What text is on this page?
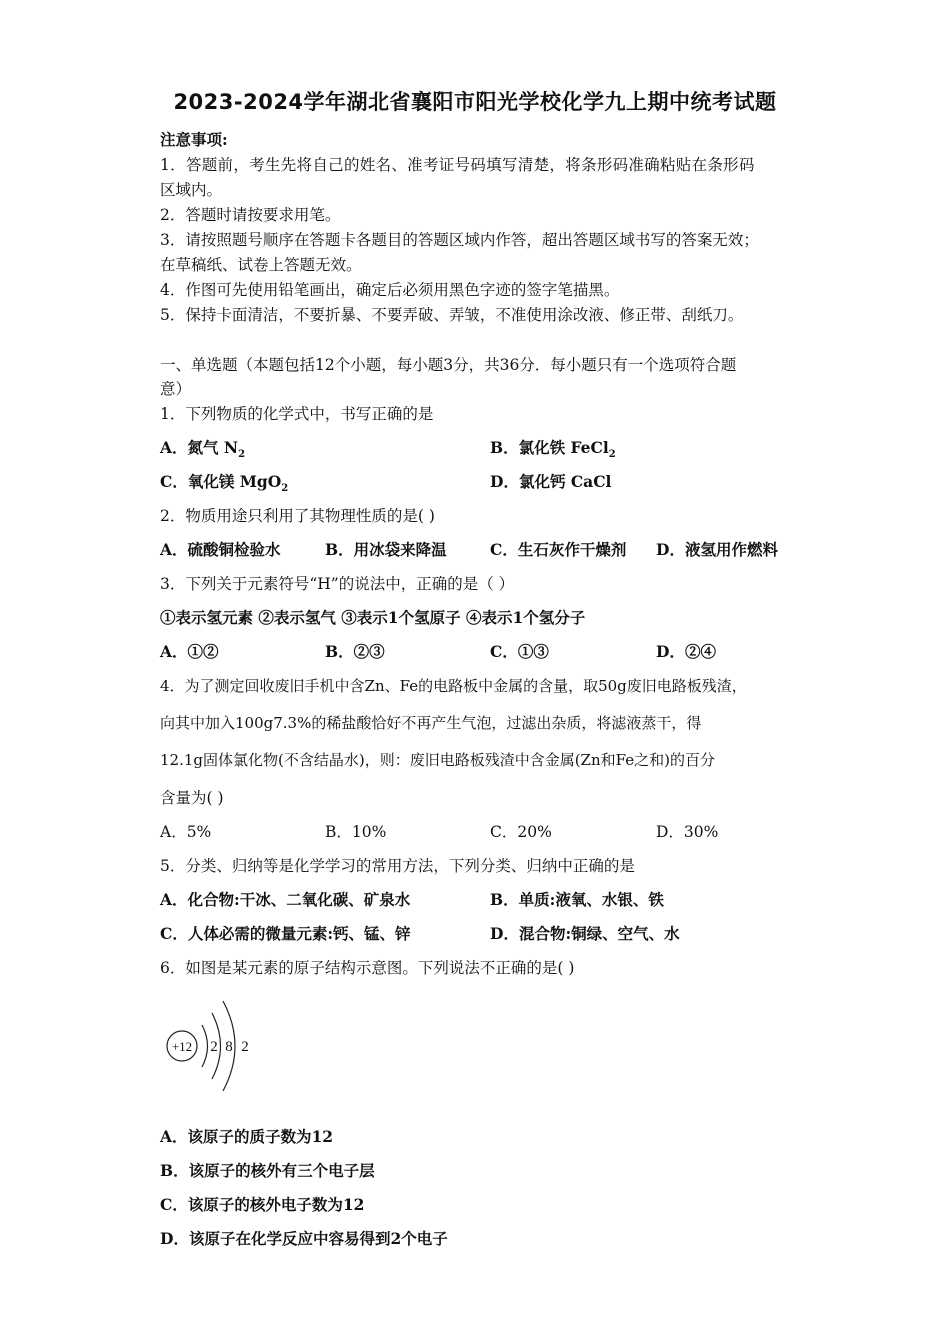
2023-2024学年湖北省襄阳市阳光学校化学九上期中统考试题
注意事项:
1．答题前，考生先将自己的姓名、准考证号码填写清楚，将条形码准确粘贴在条形码
区域内。
2．答题时请按要求用笔。
3．请按照题号顺序在答题卡各题目的答题区域内作答，超出答题区域书写的答案无效；
在草稿纸、试卷上答题无效。
4．作图可先使用铅笔画出，确定后必须用黑色字迹的签字笔描黑。
5．保持卡面清洁，不要折暴、不要弄破、弄皱，不准使用涂改液、修正带、刮纸刀。
一、单选题（本题包括12个小题，每小题3分，共36分．每小题只有一个选项符合题
意）
1．下列物质的化学式中，书写正确的是
A．氮气 $N_2$	B．氯化铁 FeCl$_2$
C．氧化镁 MgO$_2$	D．氯化钙 CaCl
2．物质用途只利用了其物理性质的是( )
A．硫酸铜检验水	B．用冰袋来降温	C．生石灰作干燥剂 D．液氢用作燃料
3．下列关于元素符号“H”的说法中，正确的是（ ）
①表示氢元素 ②表示氢气 ③表示1个氢原子 ④表示1个氢分子
A．①②	B．②③	C．①③	D．②④
4．为了测定回收废旧手机中含Zn、Fe的电路板中金属的含量，取50g废旧电路板残渣，
向其中加入100g7.3%的稀盐酸恰好不再产生气泡，过滤出杂质，将滤液蒸干，得
12.1g固体氯化物(不含结晶水)，则：废旧电路板残渣中含金属(Zn和Fe之和)的百分
含量为( )
A．5%	B．10%	C．20%	D．30%
5．分类、归纳等是化学学习的常用方法，下列分类、归纳中正确的是
A．化合物:干冰、二氧化碳、矿泉水	B．单质:液氧、水银、铁
C．人体必需的微量元素:钙、锰、锌	D．混合物:铜绿、空气、水
6．如图是某元素的原子结构示意图。下列说法不正确的是( )
+12 2 8 2
A．该原子的质子数为12
B．该原子的核外有三个电子层
C．该原子的核外电子数为12
D．该原子在化学反应中容易得到2个电子
